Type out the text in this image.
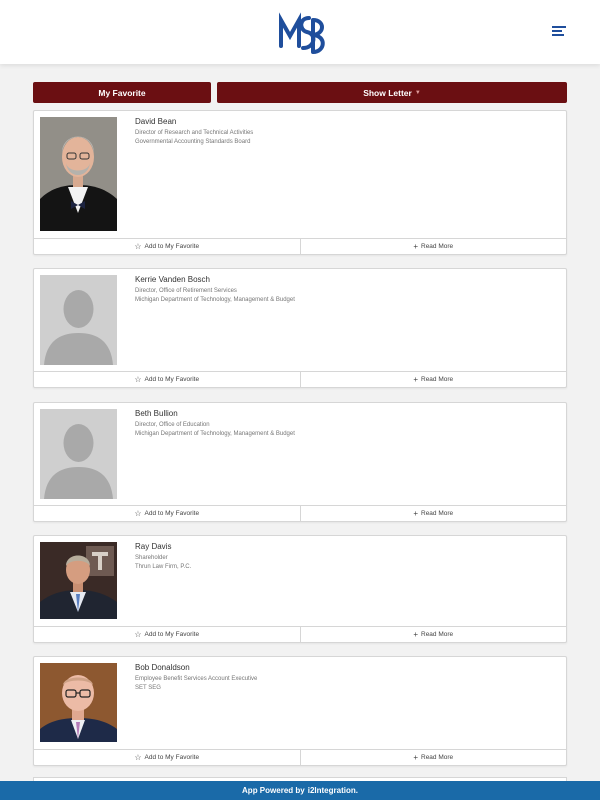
My Favorite	Show Letter ▼
David Bean
Director of Research and Technical Activities
Governmental Accounting Standards Board
☆ Add to My Favorite	+ Read More
Kerrie Vanden Bosch
Director, Office of Retirement Services
Michigan Department of Technology, Management & Budget
☆ Add to My Favorite	+ Read More
Beth Bullion
Director, Office of Education
Michigan Department of Technology, Management & Budget
☆ Add to My Favorite	+ Read More
Ray Davis
Shareholder
Thrun Law Firm, P.C.
☆ Add to My Favorite	+ Read More
Bob Donaldson
Employee Benefit Services Account Executive
SET SEG
☆ Add to My Favorite	+ Read More
App Powered by i2Integration.
